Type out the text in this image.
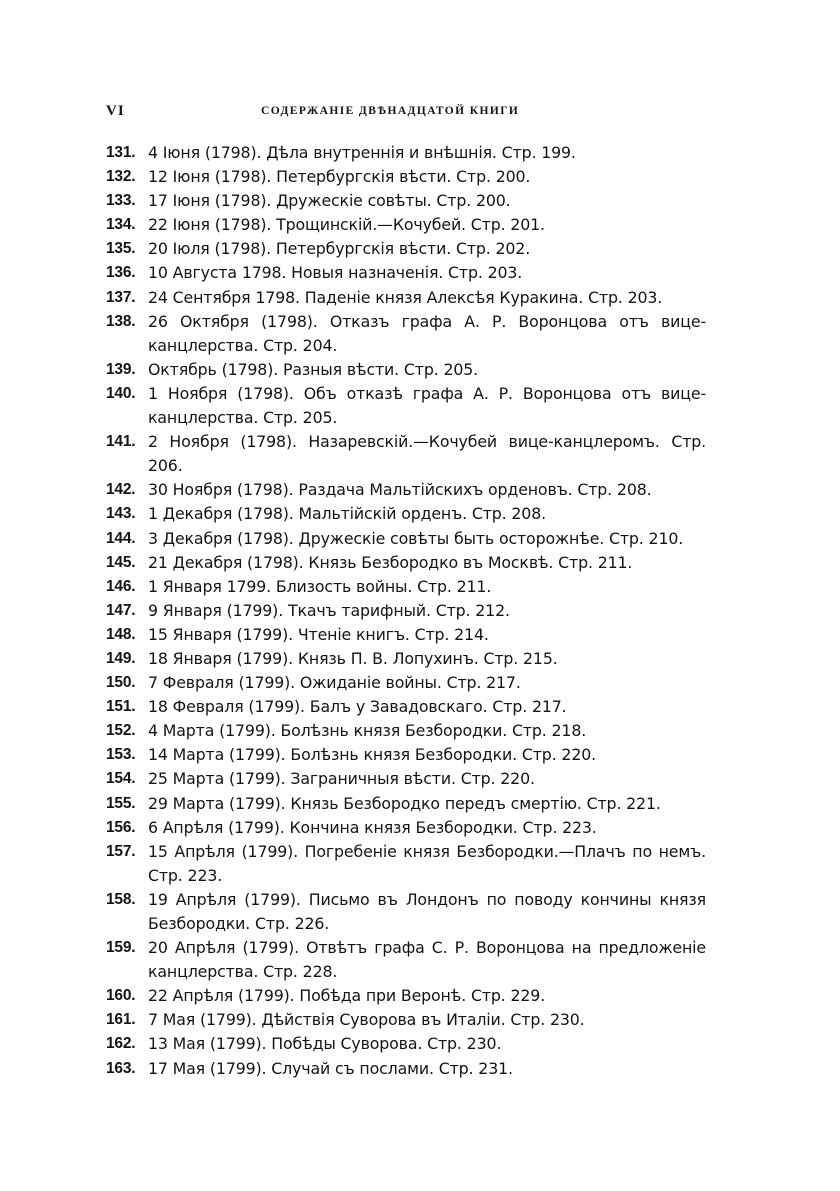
VI	СОДЕРЖАНІЕ ДВѢНАДЦАТОЙ КНИГИ
131. 4 Іюня (1798). Дѣла внутреннія и внѣшнія. Стр. 199.
132. 12 Іюня (1798). Петербургскія вѣсти. Стр. 200.
133. 17 Іюня (1798). Дружескіе совѣты. Стр. 200.
134. 22 Іюня (1798). Трощинскій.—Кочубей. Стр. 201.
135. 20 Іюля (1798). Петербургскія вѣсти. Стр. 202.
136. 10 Августа 1798. Новыя назначенія. Стр. 203.
137. 24 Сентября 1798. Паденіе князя Алексѣя Куракина. Стр. 203.
138. 26 Октября (1798). Отказъ графа А. Р. Воронцова отъ вице-канцлерства. Стр. 204.
139. Октябрь (1798). Разныя вѣсти. Стр. 205.
140. 1 Ноября (1798). Объ отказѣ графа А. Р. Воронцова отъ вице-канцлерства. Стр. 205.
141. 2 Ноября (1798). Назаревскій.—Кочубей вице-канцлеромъ. Стр. 206.
142. 30 Ноября (1798). Раздача Мальтійскихъ орденовъ. Стр. 208.
143. 1 Декабря (1798). Мальтійскій орденъ. Стр. 208.
144. 3 Декабря (1798). Дружескіе совѣты быть осторожнѣе. Стр. 210.
145. 21 Декабря (1798). Князь Безбородко въ Москвѣ. Стр. 211.
146. 1 Января 1799. Близость войны. Стр. 211.
147. 9 Января (1799). Ткачъ тарифный. Стр. 212.
148. 15 Января (1799). Чтеніе книгъ. Стр. 214.
149. 18 Января (1799). Князь П. В. Лопухинъ. Стр. 215.
150. 7 Февраля (1799). Ожиданіе войны. Стр. 217.
151. 18 Февраля (1799). Балъ у Завадовскаго. Стр. 217.
152. 4 Марта (1799). Болѣзнь князя Безбородки. Стр. 218.
153. 14 Марта (1799). Болѣзнь князя Безбородки. Стр. 220.
154. 25 Марта (1799). Заграничныя вѣсти. Стр. 220.
155. 29 Марта (1799). Князь Безбородко передъ смертію. Стр. 221.
156. 6 Апрѣля (1799). Кончина князя Безбородки. Стр. 223.
157. 15 Апрѣля (1799). Погребеніе князя Безбородки.—Плачъ по немъ. Стр. 223.
158. 19 Апрѣля (1799). Письмо въ Лондонъ по поводу кончины князя Безбородки. Стр. 226.
159. 20 Апрѣля (1799). Отвѣтъ графа С. Р. Воронцова на предложеніе канцлерства. Стр. 228.
160. 22 Апрѣля (1799). Побѣда при Веронѣ. Стр. 229.
161. 7 Мая (1799). Дѣйствія Суворова въ Италіи. Стр. 230.
162. 13 Мая (1799). Побѣды Суворова. Стр. 230.
163. 17 Мая (1799). Случай съ послами. Стр. 231.
